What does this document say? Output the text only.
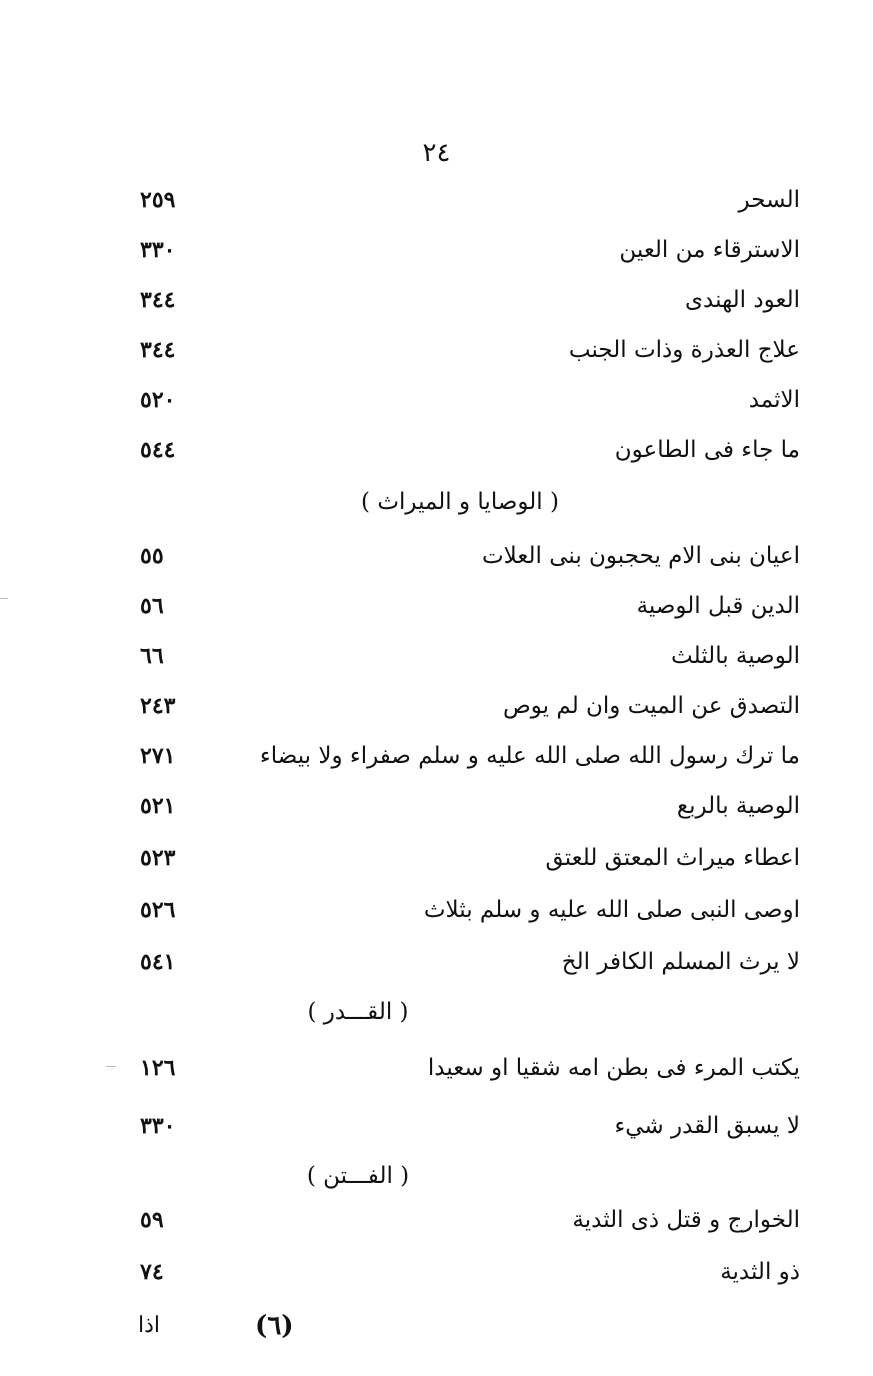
٢٤
السحر
٢٥٩
الاسترقاء من العين
٣٣٠
العود الهندى
٣٤٤
علاج العذرة وذات الجنب
٣٤٤
الاثمد
٥٢٠
ما جاء فى الطاعون
٥٤٤
( الوصايا و الميراث )
اعيان بنى الام يحجبون بنى العلات
٥٥
الدين قبل الوصية
٥٦
الوصية بالثلث
٦٦
التصدق عن الميت وان لم يوص
٢٤٣
ما ترك رسول الله صلى الله عليه و سلم صفراء ولا بيضاء
٢٧١
الوصية بالربع
٥٢١
اعطاء ميراث المعتق للعتق
٥٢٣
اوصى النبى صلى الله عليه و سلم بثلاث
٥٢٦
لا يرث المسلم الكافر الخ
٥٤١
( القـــدر )
يكتب المرء فى بطن امه شقيا او سعيدا
١٢٦
لا يسبق القدر شيء
٣٣٠
( الفـــتن )
الخوارج و قتل ذى الثدية
٥٩
ذو الثدية
٧٤
اذا	(٦)
